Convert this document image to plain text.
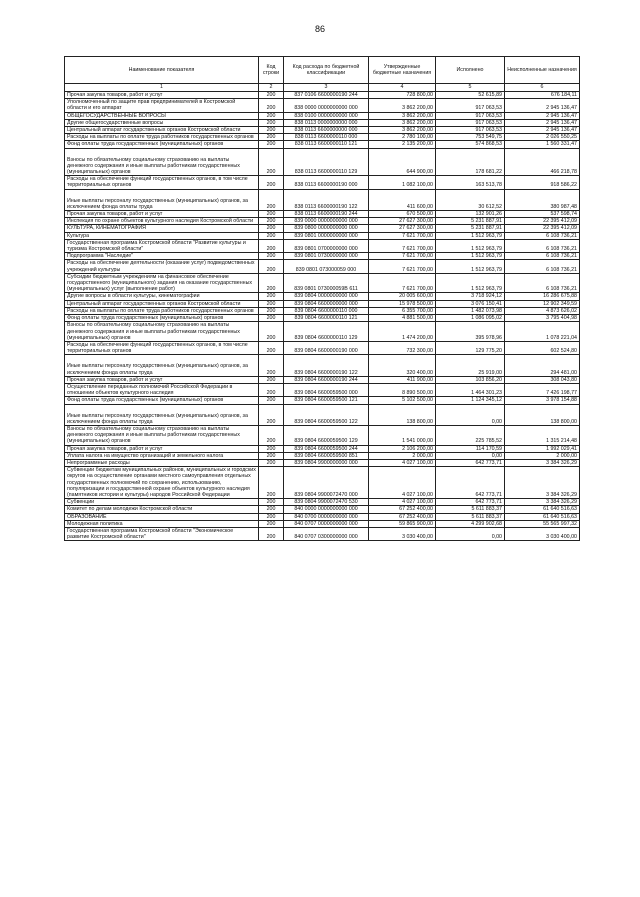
86
Наименование показателя	Код строки	Код расхода по бюджетной классификации	Утвержденные бюджетные назначения	Исполнено	Неисполненные назначения
1	2	3	4	5	6
Прочая закупка товаров, работ и услуг	200	837 0106 6600000190 244	728 800,00	52 615,89	676 184,11
Уполномоченный по защите прав предпринимателей в Костромской области и его аппарат	200	838 0000 0000000000 000	3 862 200,00	917 063,53	2 945 136,47
ОБЩЕГОСУДАРСТВЕННЫЕ ВОПРОСЫ	200	838 0100 0000000000 000	3 862 200,00	917 063,53	2 945 136,47
Другие общегосударственные вопросы	200	838 0113 0000000000 000	3 862 200,00	917 063,53	2 945 136,47
Центральный аппарат государственных органов Костромской области	200	838 0113 6600000000 000	3 862 200,00	917 063,53	2 945 136,47
Расходы на выплаты по оплате труда работников государственных органов	200	838 0113 6600000110 000	2 780 100,00	753 549,75	2 026 550,25
Фонд оплаты труда государственных (муниципальных) органов	200	838 0113 6600000110 121	2 135 200,00	574 868,53	1 560 331,47
Взносы по обязательному социальному страхованию на выплаты денежного содержания и иные выплаты работникам государственных (муниципальных) органов	200	838 0113 6600000110 129	644 900,00	178 681,22	466 218,78
Расходы на обеспечение функций государственных органов, в том числе территориальных органов	200	838 0113 6600000190 000	1 082 100,00	163 513,78	918 586,22
Иные выплаты персоналу государственных (муниципальных) органов, за исключением фонда оплаты труда	200	838 0113 6600000190 122	411 600,00	30 612,52	380 987,48
Прочая закупка товаров, работ и услуг	200	838 0113 6600000190 244	670 500,00	132 901,26	537 598,74
Инспекция по охране объектов культурного наследия Костромской области	200	839 0000 0000000000 000	27 627 300,00	5 231 887,91	22 395 412,09
КУЛЬТУРА, КИНЕМАТОГРАФИЯ	200	839 0800 0000000000 000	27 627 300,00	5 231 887,91	22 395 412,09
Культура	200	839 0801 0000000000 000	7 621 700,00	1 512 963,79	6 108 736,21
Государственная программа Костромской области "Развитие культуры и туризма Костромской области"	200	839 0801 0700000000 000	7 621 700,00	1 512 963,79	6 108 736,21
Подпрограмма "Наследие"	200	839 0801 0730000000 000	7 621 700,00	1 512 963,79	6 108 736,21
Расходы на обеспечение деятельности (оказание услуг) подведомственных учреждений культуры	200	839 0801 073000059 000	7 621 700,00	1 512 963,79	6 108 736,21
Субсидии бюджетным учреждениям на финансовое обеспечение государственного (муниципального) задания на оказание государственных (муниципальных) услуг (выполнение работ)	200	839 0801 073000059В 611	7 621 700,00	1 512 963,79	6 108 736,21
Другие вопросы в области культуры, кинематографии	200	839 0804 0000000000 000	20 005 600,00	3 718 924,12	16 286 675,88
Центральный аппарат государственных органов Костромской области	200	839 0804 6600000000 000	15 978 500,00	3 076 150,41	12 902 349,59
Расходы на выплаты по оплате труда работников государственных органов	200	839 0804 6600000110 000	6 355 700,00	1 482 073,98	4 873 626,02
Фонд оплаты труда государственных (муниципальных) органов	200	839 0804 6600000110 121	4 881 500,00	1 086 095,02	3 795 404,98
Взносы по обязательному социальному страхованию на выплаты денежного содержания и иные выплаты работникам государственных (муниципальных) органов	200	839 0804 6600000110 129	1 474 200,00	395 978,96	1 078 221,04
Расходы на обеспечение функций государственных органов, в том числе территориальных органов	200	839 0804 6600000190 000	732 300,00	129 775,20	602 524,80
Иные выплаты персоналу государственных (муниципальных) органов, за исключением фонда оплаты труда	200	839 0804 6600000190 122	320 400,00	25 919,00	294 481,00
Прочая закупка товаров, работ и услуг	200	839 0804 6600000190 244	411 900,00	103 856,20	308 043,80
Осуществление переданных полномочий Российской Федерации в отношении объектов культурного наследия	200	839 0804 6600059500 000	8 890 500,00	1 464 301,23	7 426 198,77
Фонд оплаты труда государственных (муниципальных) органов	200	839 0804 6600059500 121	5 102 500,00	1 124 345,12	3 978 154,88
Иные выплаты персоналу государственных (муниципальных) органов, за исключением фонда оплаты труда	200	839 0804 6600059500 122	138 800,00	0,00	138 800,00
Взносы по обязательному социальному страхованию на выплаты денежного содержания и иные выплаты работникам государственных (муниципальных) органов	200	839 0804 6600059500 129	1 541 000,00	225 785,52	1 315 214,48
Прочая закупка товаров, работ и услуг	200	839 0804 6600059500 244	2 106 200,00	114 170,59	1 992 029,41
Уплата налога на имущество организаций и земельного налога	200	839 0804 6600059500 851	2 000,00	0,00	2 000,00
Непрограммные расходы	200	839 0804 9900000000 000	4 027 100,00	642 773,71	3 384 326,29
Субвенции бюджетам муниципальных районов, муниципальных и городских округов на осуществление органами местного самоуправления отдельных государственных полномочий по сохранению, использованию, популяризации и государственной охране объектов культурного наследия (памятников истории и культуры) народов Российской Федерации	200	839 0804 9900072470 000	4 027 100,00	642 773,71	3 384 326,29
Субвенции	200	839 0804 9900072470 530	4 027 100,00	642 773,71	3 384 326,29
Комитет по делам молодежи Костромской области	200	840 0000 0000000000 000	67 252 400,00	5 611 883,37	61 640 516,63
ОБРАЗОВАНИЕ	200	840 0700 0000000000 000	67 252 400,00	5 611 883,37	61 640 516,63
Молодежная политика	200	840 0707 0000000000 000	59 865 900,00	4 299 902,68	55 565 997,32
Государственная программа Костромской области "Экономическое развитие Костромской области"	200	840 0707 0300000000 000	3 030 400,00	0,00	3 030 400,00
